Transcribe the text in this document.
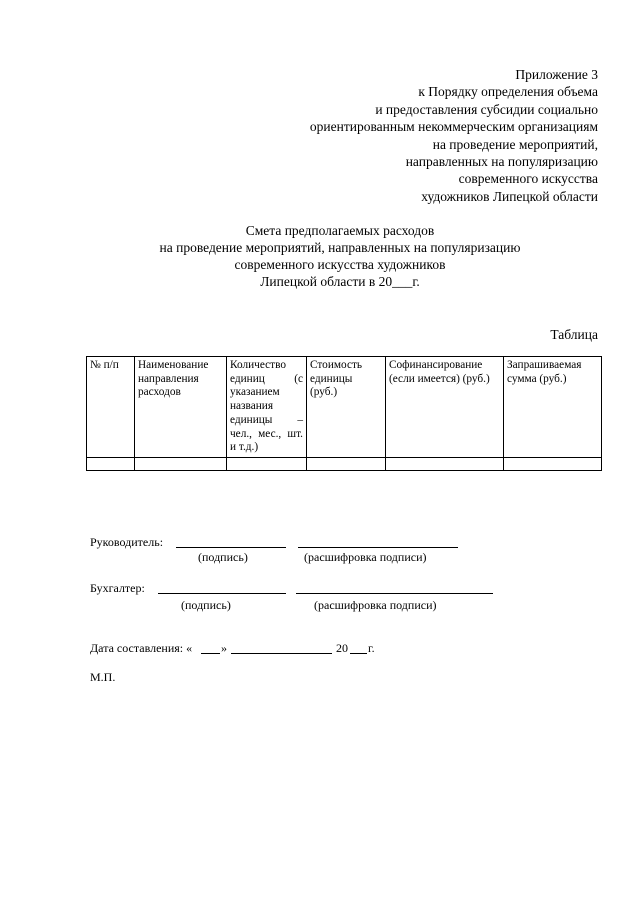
Приложение 3
к Порядку определения объема
и предоставления субсидии социально
ориентированным некоммерческим организациям
на проведение мероприятий,
направленных на популяризацию
современного искусства
художников Липецкой области
Смета предполагаемых расходов
на проведение мероприятий, направленных на популяризацию
современного искусства художников
Липецкой области в 20___г.
Таблица
№ п/п	Наименование направления расходов	Количество единиц (с указанием названия единицы – чел., мес., шт. и т.д.)	Стоимость единицы (руб.)	Софинансирование (если имеется) (руб.)	Запрашиваемая сумма (руб.)

Руководитель:
(подпись)	(расшифровка подписи)
Бухгалтер:
(подпись)	(расшифровка подписи)
Дата составления: « »	20 г.
М.П.
